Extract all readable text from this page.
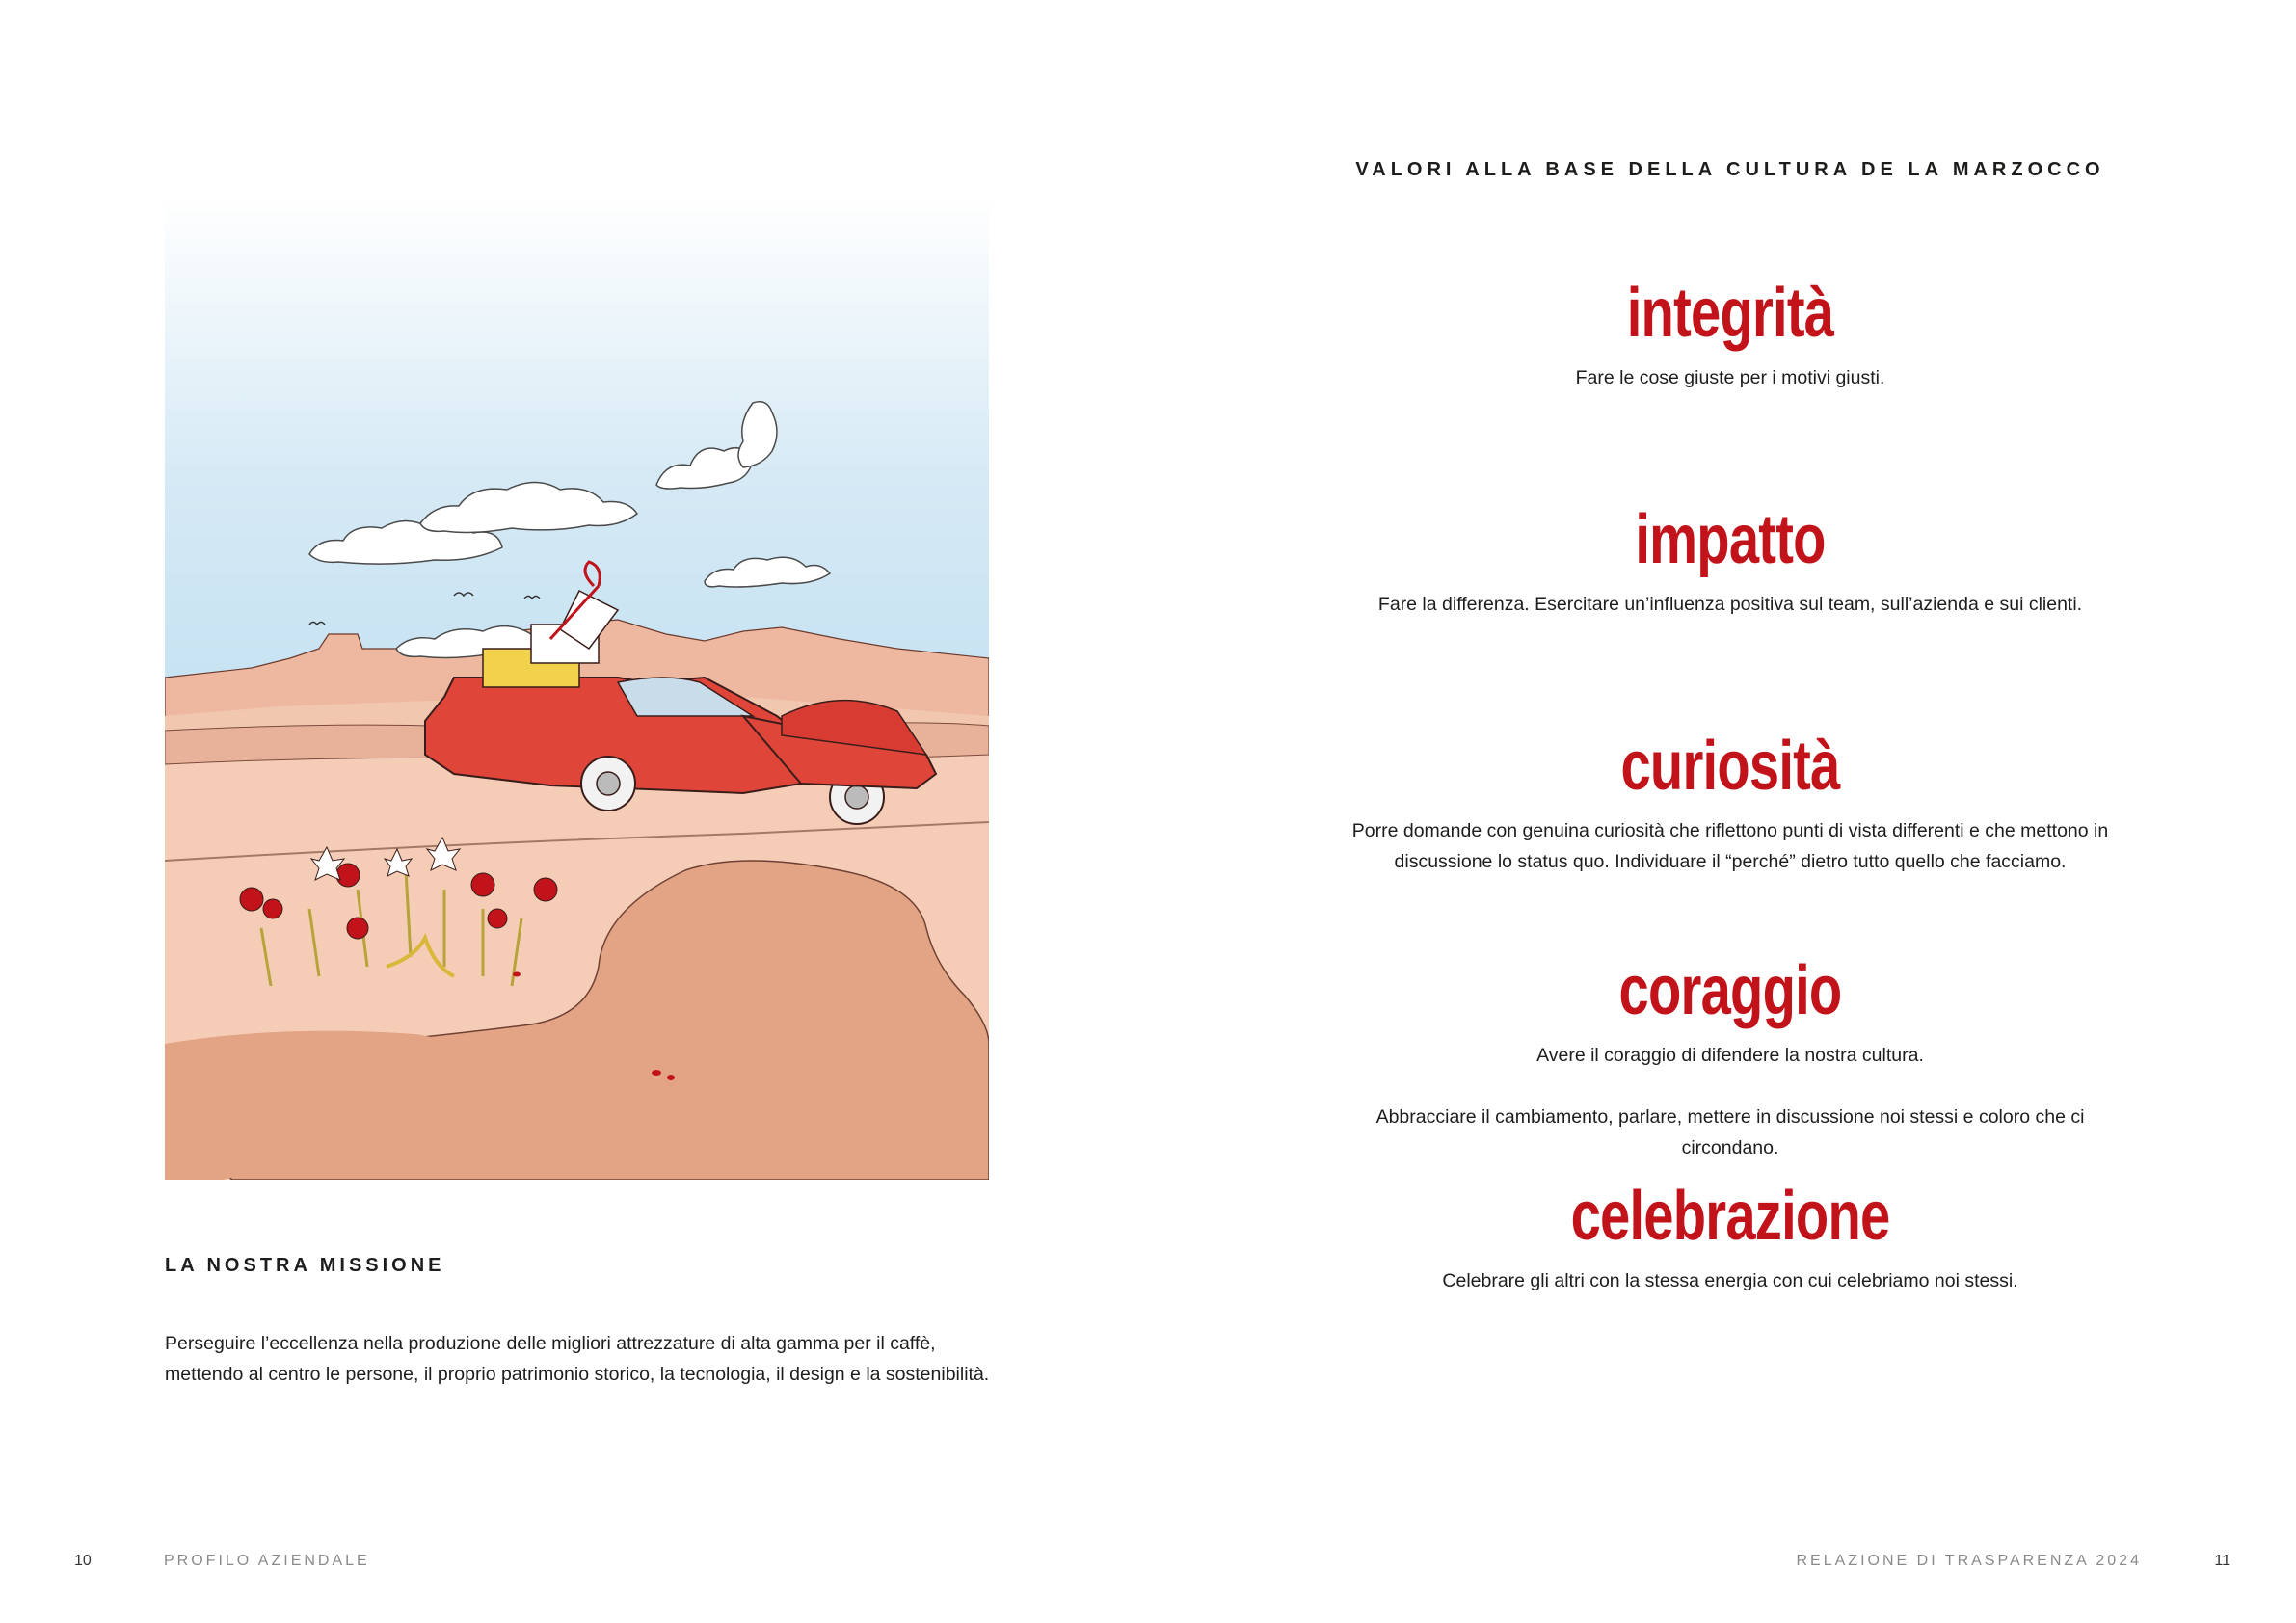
LA NOSTRA MISSIONE
Perseguire l’eccellenza nella produzione delle migliori attrezzature di alta gamma per il caffè,
mettendo al centro le persone, il proprio patrimonio storico, la tecnologia, il design e la sostenibilità.
VALORI ALLA BASE DELLA CULTURA DE LA MARZOCCO
integrità
Fare le cose giuste per i motivi giusti.
impatto
Fare la differenza. Esercitare un’influenza positiva sul team, sull’azienda e sui clienti.
curiosità
Porre domande con genuina curiosità che riflettono punti di vista differenti e che mettono in
discussione lo status quo. Individuare il “perché” dietro tutto quello che facciamo.
coraggio
Avere il coraggio di difendere la nostra cultura.
Abbracciare il cambiamento, parlare, mettere in discussione noi stessi e coloro che ci
circondano.
celebrazione
Celebrare gli altri con la stessa energia con cui celebriamo noi stessi.
10	PROFILO AZIENDALE	RELAZIONE DI TRASPARENZA 2024	11
